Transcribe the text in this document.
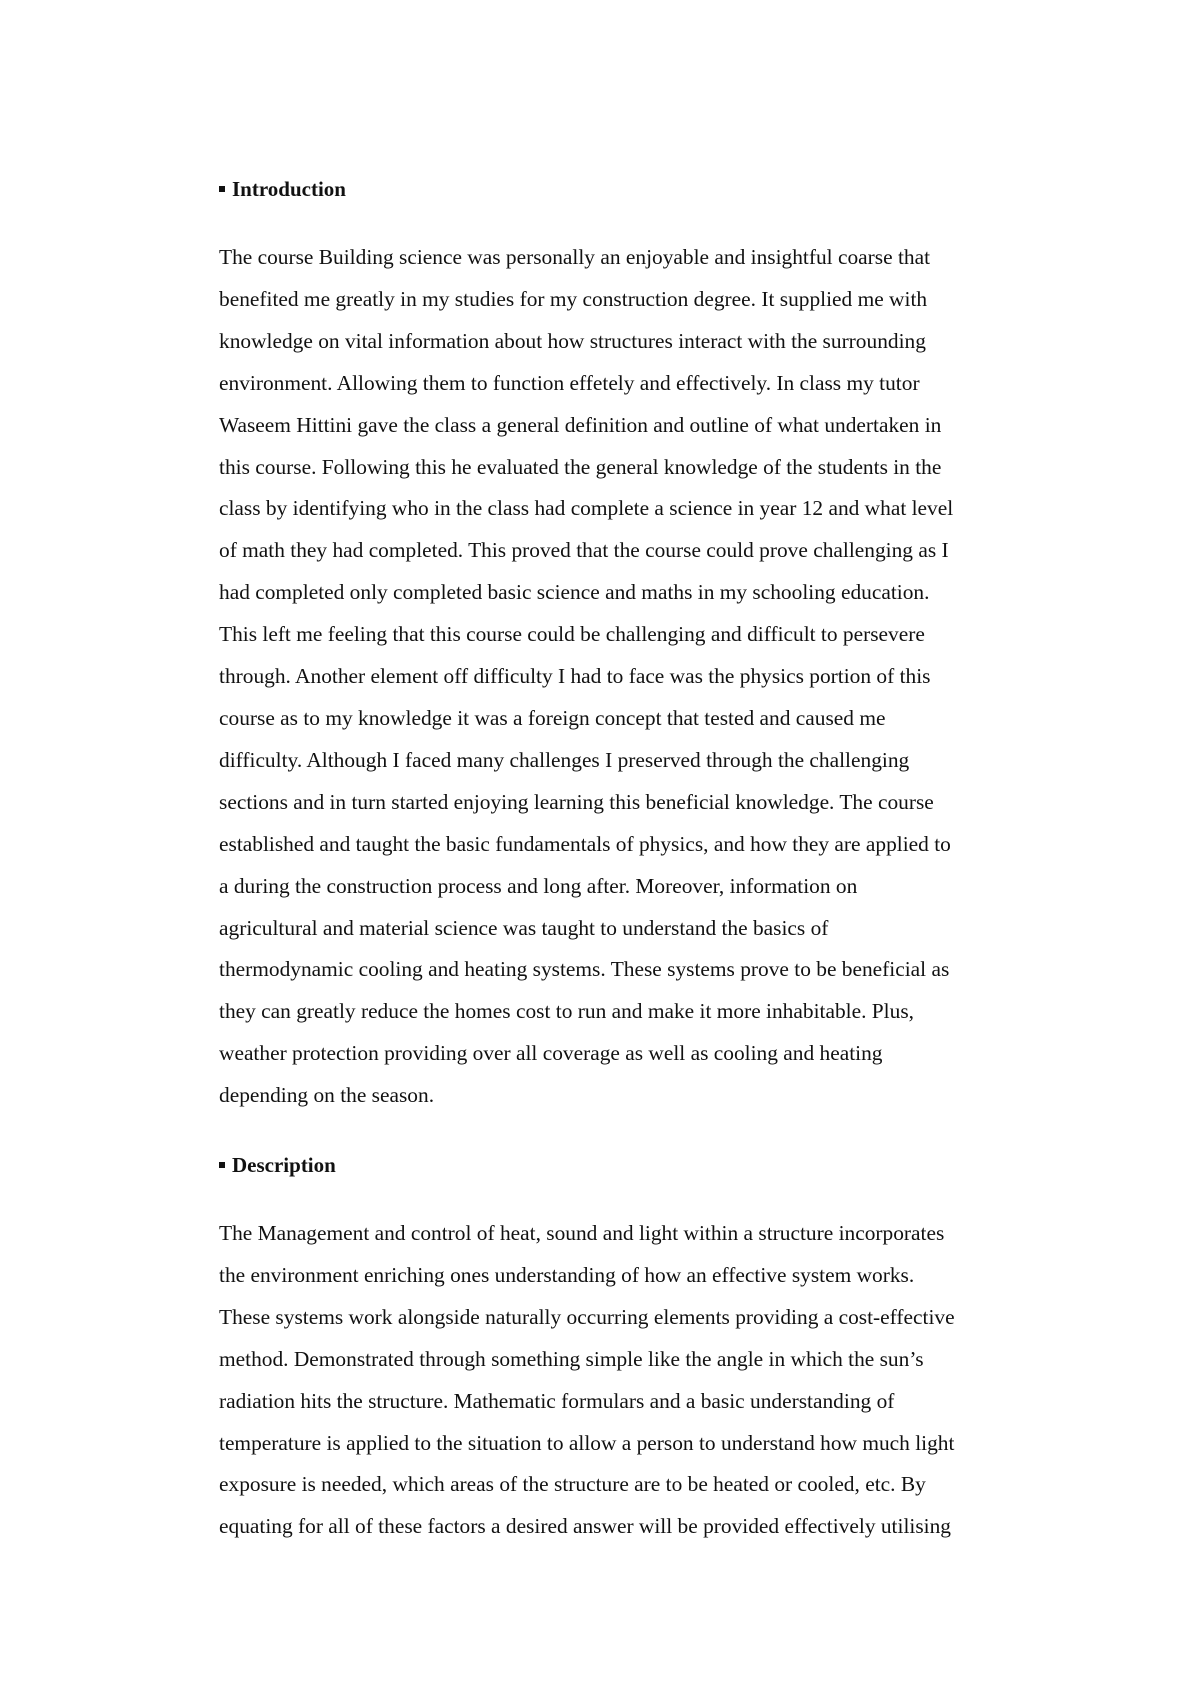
Introduction

The course Building science was personally an enjoyable and insightful coarse that
benefited me greatly in my studies for my construction degree. It supplied me with
knowledge on vital information about how structures interact with the surrounding
environment. Allowing them to function effetely and effectively. In class my tutor
Waseem Hittini gave the class a general definition and outline of what undertaken in
this course. Following this he evaluated the general knowledge of the students in the
class by identifying who in the class had complete a science in year 12 and what level
of math they had completed. This proved that the course could prove challenging as I
had completed only completed basic science and maths in my schooling education.
This left me feeling that this course could be challenging and difficult to persevere
through. Another element off difficulty I had to face was the physics portion of this
course as to my knowledge it was a foreign concept that tested and caused me
difficulty. Although I faced many challenges I preserved through the challenging
sections and in turn started enjoying learning this beneficial knowledge. The course
established and taught the basic fundamentals of physics, and how they are applied to
a during the construction process and long after. Moreover, information on
agricultural and material science was taught to understand the basics of
thermodynamic cooling and heating systems. These systems prove to be beneficial as
they can greatly reduce the homes cost to run and make it more inhabitable. Plus,
weather protection providing over all coverage as well as cooling and heating
depending on the season.

Description

The Management and control of heat, sound and light within a structure incorporates
the environment enriching ones understanding of how an effective system works.
These systems work alongside naturally occurring elements providing a cost-effective
method. Demonstrated through something simple like the angle in which the sun’s
radiation hits the structure. Mathematic formulars and a basic understanding of
temperature is applied to the situation to allow a person to understand how much light
exposure is needed, which areas of the structure are to be heated or cooled, etc. By
equating for all of these factors a desired answer will be provided effectively utilising
